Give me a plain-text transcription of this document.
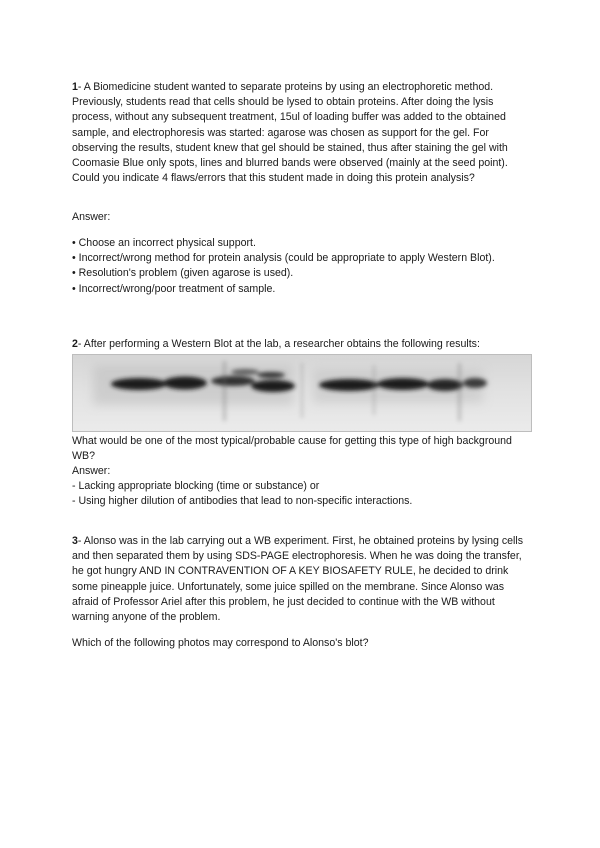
1- A Biomedicine student wanted to separate proteins by using an electrophoretic method. Previously, students read that cells should be lysed to obtain proteins. After doing the lysis process, without any subsequent treatment, 15ul of loading buffer was added to the obtained sample, and electrophoresis was started: agarose was chosen as support for the gel. For observing the results, student knew that gel should be stained, thus after staining the gel with Coomasie Blue only spots, lines and blurred bands were observed (mainly at the seed point). Could you indicate 4 flaws/errors that this student made in doing this protein analysis?

Answer:
• Choose an incorrect physical support.
• Incorrect/wrong method for protein analysis (could be appropriate to apply Western Blot).
• Resolution's problem (given agarose is used).
• Incorrect/wrong/poor treatment of sample.

2- After performing a Western Blot at the lab, a researcher obtains the following results:

What would be one of the most typical/probable cause for getting this type of high background WB?
Answer:
- Lacking appropriate blocking (time or substance) or
- Using higher dilution of antibodies that lead to non-specific interactions.

3- Alonso was in the lab carrying out a WB experiment. First, he obtained proteins by lysing cells and then separated them by using SDS-PAGE electrophoresis. When he was doing the transfer, he got hungry AND IN CONTRAVENTION OF A KEY BIOSAFETY RULE, he decided to drink some pineapple juice. Unfortunately, some juice spilled on the membrane. Since Alonso was afraid of Professor Ariel after this problem, he just decided to continue with the WB without warning anyone of the problem.

Which of the following photos may correspond to Alonso's blot?
